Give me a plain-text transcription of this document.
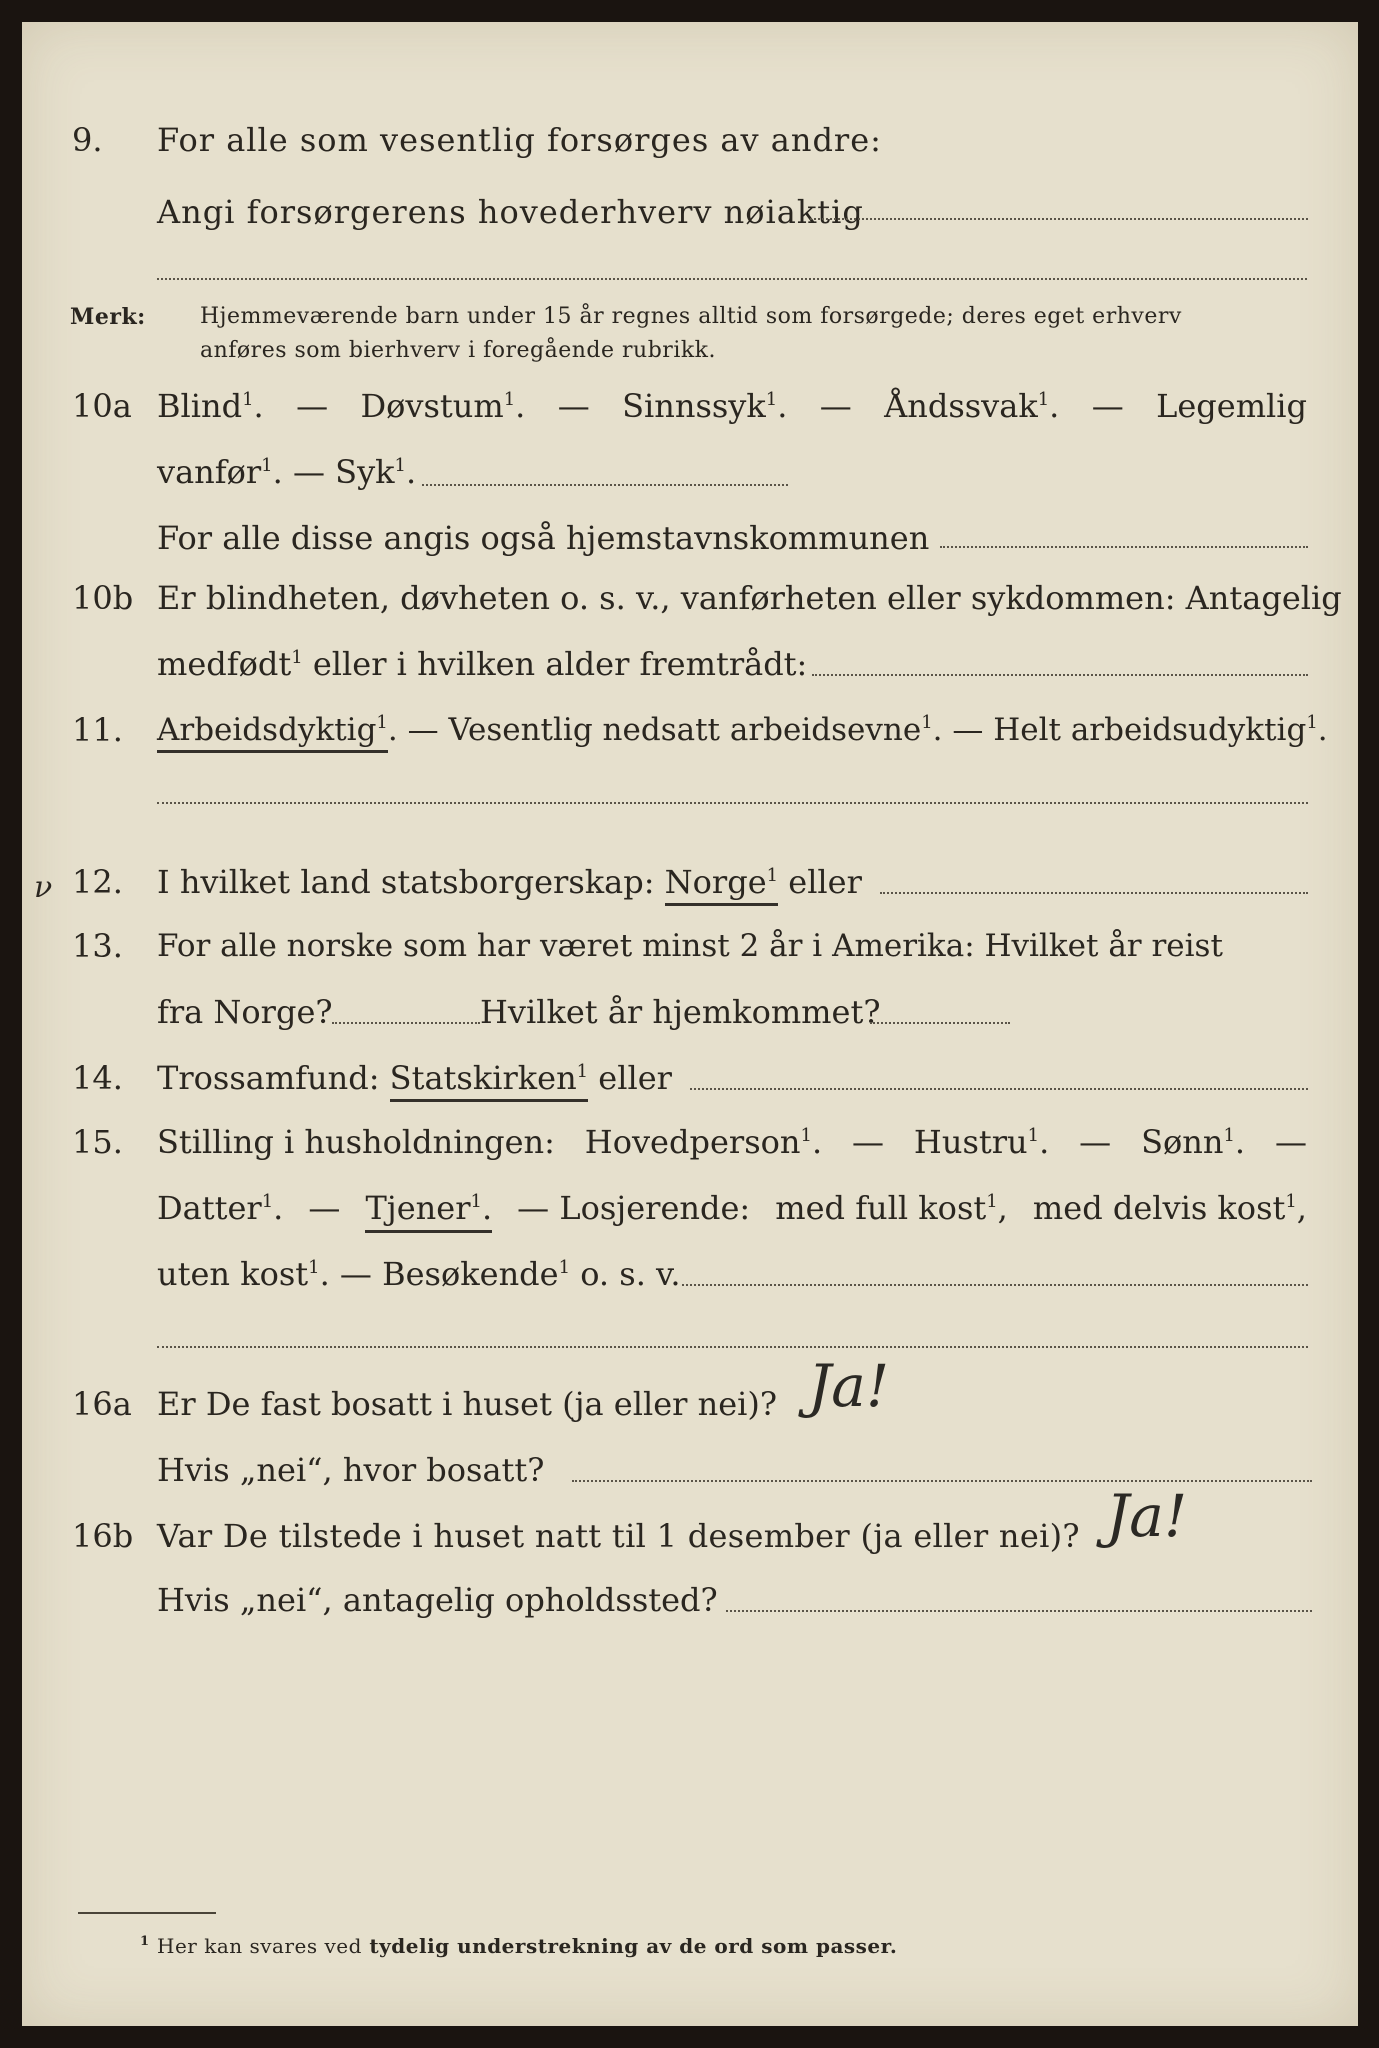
9. For alle som vesentlig forsørges av andre:
Angi forsørgerens hovederhverv nøiaktig
Merk: Hjemmeværende barn under 15 år regnes alltid som forsørgede; deres eget erhverv
anføres som bierhverv i foregående rubrikk.
10a Blind$^1$. — Døvstum$^1$. — Sinnssyk$^1$. — Åndssvak$^1$. — Legemlig
vanfør$^1$. — Syk$^1$.
For alle disse angis også hjemstavnskommunen
10b Er blindheten, døvheten o. s. v., vanførheten eller sykdommen: Antagelig
medfødt$^1$ eller i hvilken alder fremtrådt:
11. Arbeidsdyktig$^1$. — Vesentlig nedsatt arbeidsevne$^1$. — Helt arbeidsudyktig$^1$.
ν 12. I hvilket land statsborgerskap: Norge$^1$ eller
13. For alle norske som har været minst 2 år i Amerika: Hvilket år reist
fra Norge?	Hvilket år hjemkommet?
14. Trossamfund: Statskirken$^1$ eller
15. Stilling i husholdningen: Hovedperson$^1$. — Hustru$^1$. — Sønn$^1$. —
Datter$^1$. — Tjener$^1$. — Losjerende: med full kost$^1$, med delvis kost$^1$,
uten kost$^1$. — Besøkende$^1$ o. s. v.
16a Er De fast bosatt i huset (ja eller nei)? Ja!
Hvis „nei“, hvor bosatt?
16b Var De tilstede i huset natt til 1 desember (ja eller nei)? Ja!
Hvis „nei“, antagelig opholdssted?
$^1$ Her kan svares ved tydelig understrekning av de ord som passer.
